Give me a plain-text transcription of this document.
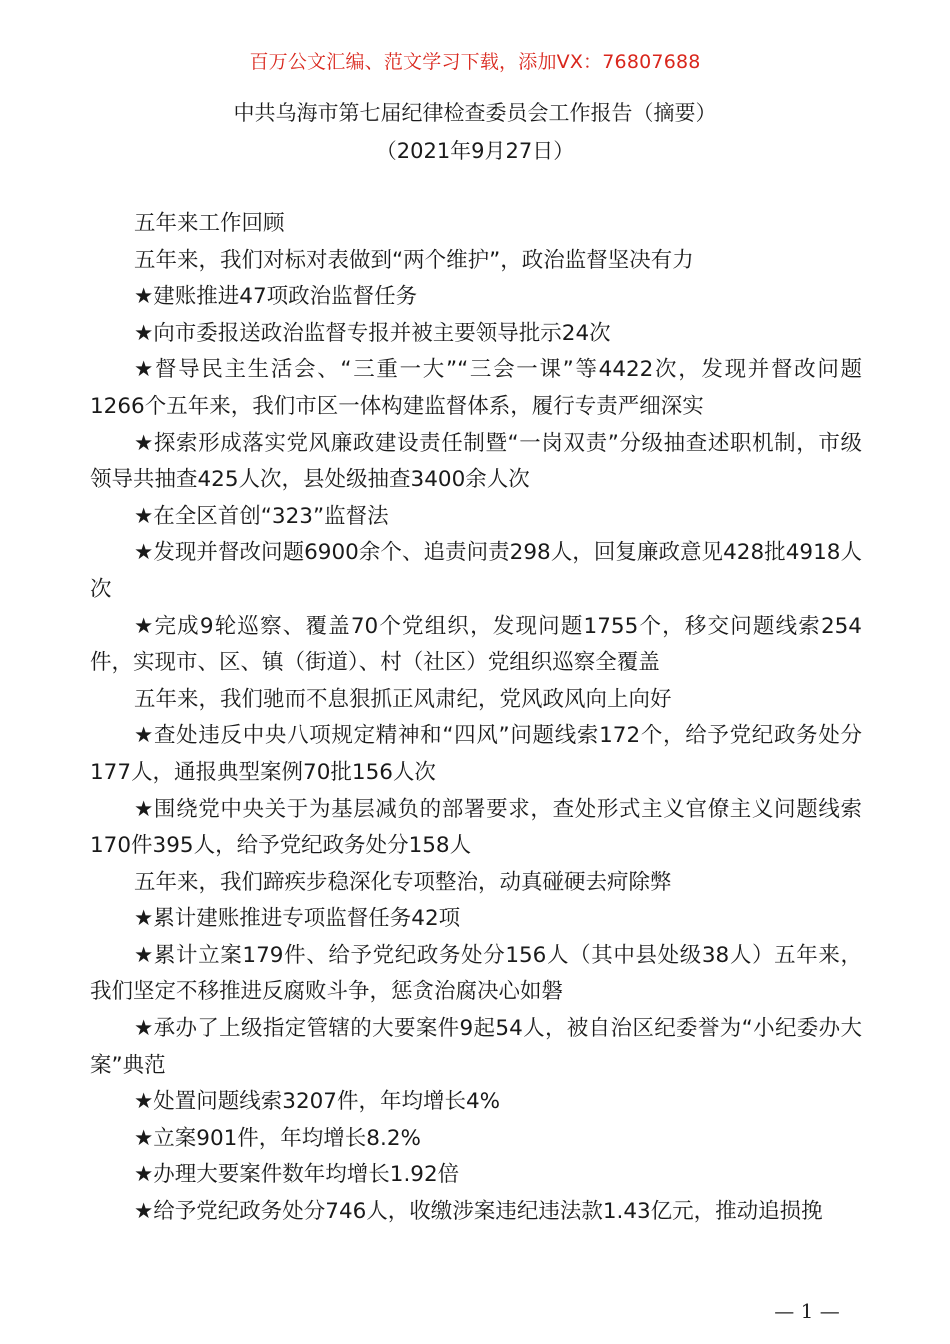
百万公文汇编、范文学习下载，添加VX：76807688
中共乌海市第七届纪律检查委员会工作报告（摘要）
（2021年9月27日）

五年来工作回顾

五年来，我们对标对表做到“两个维护”，政治监督坚决有力

★建账推进47项政治监督任务

★向市委报送政治监督专报并被主要领导批示24次

★督导民主生活会、“三重一大”“三会一课”等4422次，发现并督改问题1266个五年来，我们市区一体构建监督体系，履行专责严细深实

★探索形成落实党风廉政建设责任制暨“一岗双责”分级抽查述职机制，市级领导共抽查425人次，县处级抽查3400余人次

★在全区首创“323”监督法

★发现并督改问题6900余个、追责问责298人，回复廉政意见428批4918人次

★完成9轮巡察、覆盖70个党组织，发现问题1755个，移交问题线索254件，实现市、区、镇（街道）、村（社区）党组织巡察全覆盖

五年来，我们驰而不息狠抓正风肃纪，党风政风向上向好

★查处违反中央八项规定精神和“四风”问题线索172个，给予党纪政务处分177人，通报典型案例70批156人次

★围绕党中央关于为基层减负的部署要求，查处形式主义官僚主义问题线索170件395人，给予党纪政务处分158人

五年来，我们蹄疾步稳深化专项整治，动真碰硬去疴除弊

★累计建账推进专项监督任务42项

★累计立案179件、给予党纪政务处分156人（其中县处级38人）五年来，我们坚定不移推进反腐败斗争，惩贪治腐决心如磐

★承办了上级指定管辖的大要案件9起54人，被自治区纪委誉为“小纪委办大案”典范

★处置问题线索3207件，年均增长4%

★立案901件，年均增长8.2%

★办理大要案件数年均增长1.92倍

★给予党纪政务处分746人，收缴涉案违纪违法款1.43亿元，推动追损挽

— 1 —
